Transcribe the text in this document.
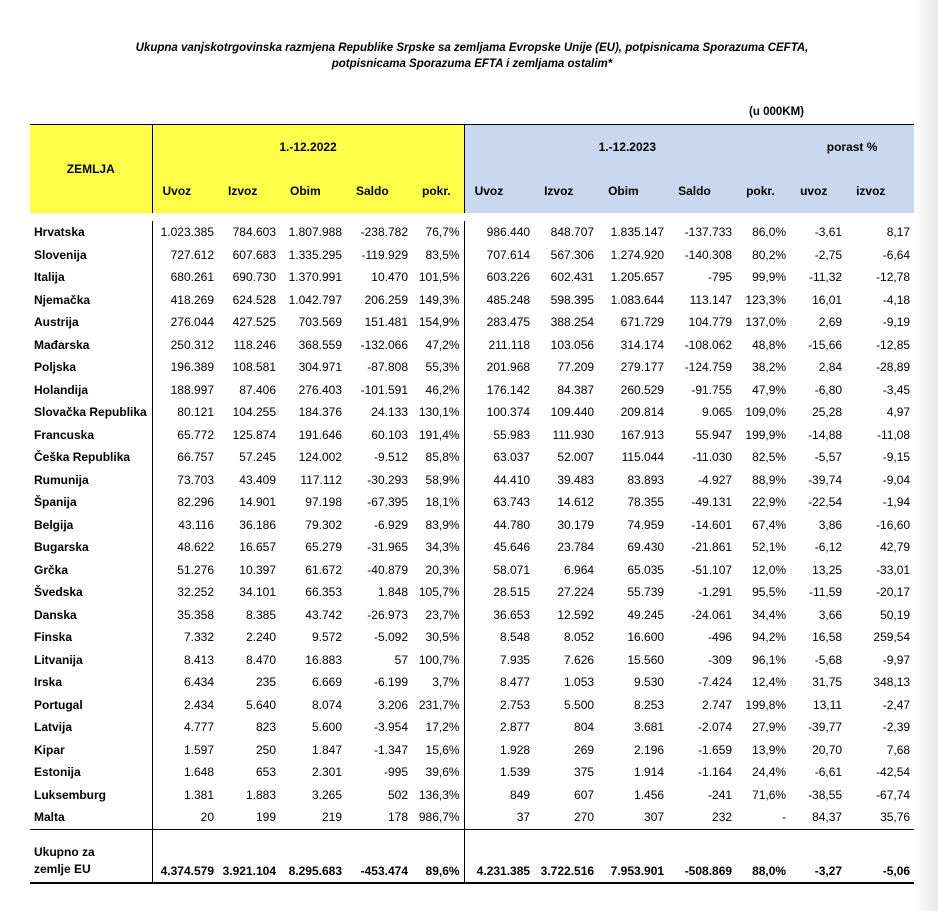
Ukupna vanjskotrgovinska razmjena Republike Srpske sa zemljama Evropske Unije (EU), potpisnicama Sporazuma CEFTA,
potpisnicama Sporazuma EFTA i zemljama ostalim*
(u 000KM)
ZEMLJA	1.-12.2022					1.-12.2023					porast %	
	Uvoz	Izvoz	Obim	Saldo	pokr.	Uvoz	Izvoz	Obim	Saldo	pokr.	uvoz	izvoz

Hrvatska	1.023.385	784.603	1.807.988	-238.782	76,7%	986.440	848.707	1.835.147	-137.733	86,0%	-3,61	8,17
Slovenija	727.612	607.683	1.335.295	-119.929	83,5%	707.614	567.306	1.274.920	-140.308	80,2%	-2,75	-6,64
Italija	680.261	690.730	1.370.991	10.470	101,5%	603.226	602.431	1.205.657	-795	99,9%	-11,32	-12,78
Njemačka	418.269	624.528	1.042.797	206.259	149,3%	485.248	598.395	1.083.644	113.147	123,3%	16,01	-4,18
Austrija	276.044	427.525	703.569	151.481	154,9%	283.475	388.254	671.729	104.779	137,0%	2,69	-9,19
Mađarska	250.312	118.246	368.559	-132.066	47,2%	211.118	103.056	314.174	-108.062	48,8%	-15,66	-12,85
Poljska	196.389	108.581	304.971	-87.808	55,3%	201.968	77.209	279.177	-124.759	38,2%	2,84	-28,89
Holandija	188.997	87.406	276.403	-101.591	46,2%	176.142	84.387	260.529	-91.755	47,9%	-6,80	-3,45
Slovačka Republika	80.121	104.255	184.376	24.133	130,1%	100.374	109.440	209.814	9.065	109,0%	25,28	4,97
Francuska	65.772	125.874	191.646	60.103	191,4%	55.983	111.930	167.913	55.947	199,9%	-14,88	-11,08
Češka Republika	66.757	57.245	124.002	-9.512	85,8%	63.037	52.007	115.044	-11.030	82,5%	-5,57	-9,15
Rumunija	73.703	43.409	117.112	-30.293	58,9%	44.410	39.483	83.893	-4.927	88,9%	-39,74	-9,04
Španija	82.296	14.901	97.198	-67.395	18,1%	63.743	14.612	78.355	-49.131	22,9%	-22,54	-1,94
Belgija	43.116	36.186	79.302	-6.929	83,9%	44.780	30.179	74.959	-14.601	67,4%	3,86	-16,60
Bugarska	48.622	16.657	65.279	-31.965	34,3%	45.646	23.784	69.430	-21.861	52,1%	-6,12	42,79
Grčka	51.276	10.397	61.672	-40.879	20,3%	58.071	6.964	65.035	-51.107	12,0%	13,25	-33,01
Švedska	32.252	34.101	66.353	1.848	105,7%	28.515	27.224	55.739	-1.291	95,5%	-11,59	-20,17
Danska	35.358	8.385	43.742	-26.973	23,7%	36.653	12.592	49.245	-24.061	34,4%	3,66	50,19
Finska	7.332	2.240	9.572	-5.092	30,5%	8.548	8.052	16.600	-496	94,2%	16,58	259,54
Litvanija	8.413	8.470	16.883	57	100,7%	7.935	7.626	15.560	-309	96,1%	-5,68	-9,97
Irska	6.434	235	6.669	-6.199	3,7%	8.477	1.053	9.530	-7.424	12,4%	31,75	348,13
Portugal	2.434	5.640	8.074	3.206	231,7%	2.753	5.500	8.253	2.747	199,8%	13,11	-2,47
Latvija	4.777	823	5.600	-3.954	17,2%	2.877	804	3.681	-2.074	27,9%	-39,77	-2,39
Kipar	1.597	250	1.847	-1.347	15,6%	1.928	269	2.196	-1.659	13,9%	20,70	7,68
Estonija	1.648	653	2.301	-995	39,6%	1.539	375	1.914	-1.164	24,4%	-6,61	-42,54
Luksemburg	1.381	1.883	3.265	502	136,3%	849	607	1.456	-241	71,6%	-38,55	-67,74
Malta	20	199	219	178	986,7%	37	270	307	232	-	84,37	35,76

Ukupno za
zemlje EU	4.374.579	3.921.104	8.295.683	-453.474	89,6%	4.231.385	3.722.516	7.953.901	-508.869	88,0%	-3,27	-5,06
